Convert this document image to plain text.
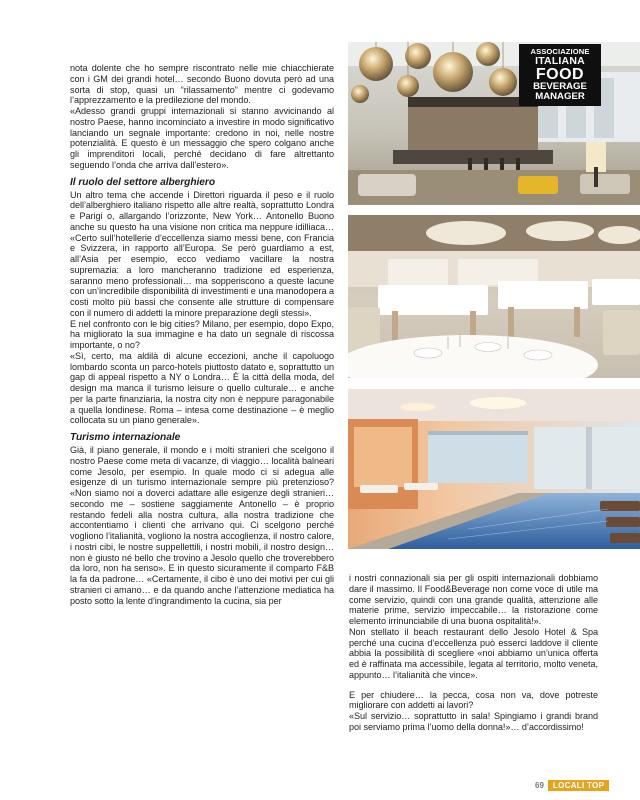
nota dolente che ho sempre riscontrato nelle mie chiacchierate con i GM dei grandi hotel… secondo Buono dovuta però ad una sorta di stop, quasi un “rilassamento” mentre ci godevamo l’apprezzamento e la predilezione del mondo.

«Adesso grandi gruppi internazionali si stanno avvicinando al nostro Paese, hanno incominciato a investire in modo significativo lanciando un segnale importante: credono in noi, nelle nostre potenzialità. E questo è un messaggio che spero colgano anche gli imprenditori locali, perché decidano di fare altrettanto seguendo l’onda che arriva dall’estero».

Il ruolo del settore alberghiero

Un altro tema che accende i Direttori riguarda il peso e il ruolo dell’alberghiero italiano rispetto alle altre realtà, soprattutto Londra e Parigi o, allargando l’orizzonte, New York… Antonello Buono anche su questo ha una visione non critica ma neppure idilliaca… «Certo sull’hotellerie d’eccellenza siamo messi bene, con Francia e Svizzera, in rapporto all’Europa. Se però guardiamo a est, all’Asia per esempio, ecco vediamo vacillare la nostra supremazia: a loro mancheranno tradizione ed esperienza, saranno meno professionali… ma sopperiscono a queste lacune con un’incredibile disponibilità di investimenti e una manodopera a costi molto più bassi che consente alle strutture di compensare con il numero di addetti la minore preparazione degli stessi».

E nel confronto con le big cities? Milano, per esempio, dopo Expo, ha migliorato la sua immagine e ha dato un segnale di riscossa importante, o no?

«Sì, certo, ma aldilà di alcune eccezioni, anche il capoluogo lombardo sconta un parco-hotels piuttosto datato e, soprattutto un gap di appeal rispetto a NY o Londra… È la città della moda, del design ma manca il turismo leisure o quello culturale… e anche per la parte finanziaria, la nostra city non è neppure paragonabile a quella londinese. Roma – intesa come destinazione – è meglio collocata su un piano generale».

Turismo internazionale

Già, il piano generale, il mondo e i molti stranieri che scelgono il nostro Paese come meta di vacanze, di viaggio… località balneari come Jesolo, per esempio. In quale modo ci si adegua alle esigenze di un turismo internazionale sempre più pretenzioso? «Non siamo noi a doverci adattare alle esigenze degli stranieri… secondo me – sostiene saggiamente Antonello – è proprio restando fedeli alla nostra cultura, alla nostra tradizione che accontentiamo i clienti che arrivano qui. Ci scelgono perché vogliono l’italianità, vogliono la nostra accoglienza, il nostro calore, i nostri cibi, le nostre suppellettili, i nostri mobili, il nostro design… non è giusto né bello che trovino a Jesolo quello che troverebbero da loro, non ha senso». E in questo sicuramente il comparto F&B la fa da padrone… «Certamente, il cibo è uno dei motivi per cui gli stranieri ci amano… e da quando anche l’attenzione mediatica ha posto sotto la lente d’ingrandimento la cucina, sia per

ASSOCIAZIONE
ITALIANA
FOOD
BEVERAGE
MANAGER

i nostri connazionali sia per gli ospiti internazionali dobbiamo dare il massimo. Il Food&Beverage non come voce di utile ma come servizio, quindi con una grande qualità, attenzione alle materie prime, servizio impeccabile… la ristorazione come elemento irrinunciabile di una buona ospitalità!».

Non stellato il beach restaurant dello Jesolo Hotel & Spa perché una cucina d’eccellenza può esserci laddove il cliente abbia la possibilità di scegliere «noi abbiamo un’unica offerta ed è raffinata ma accessibile, legata al territorio, molto veneta, appunto… l’italianità che vince».

E per chiudere… la pecca, cosa non va, dove potreste migliorare con addetti ai lavori?

«Sul servizio… soprattutto in sala! Spingiamo i grandi brand poi serviamo prima l’uomo della donna!»… d’accordissimo!

69	LOCALI TOP
